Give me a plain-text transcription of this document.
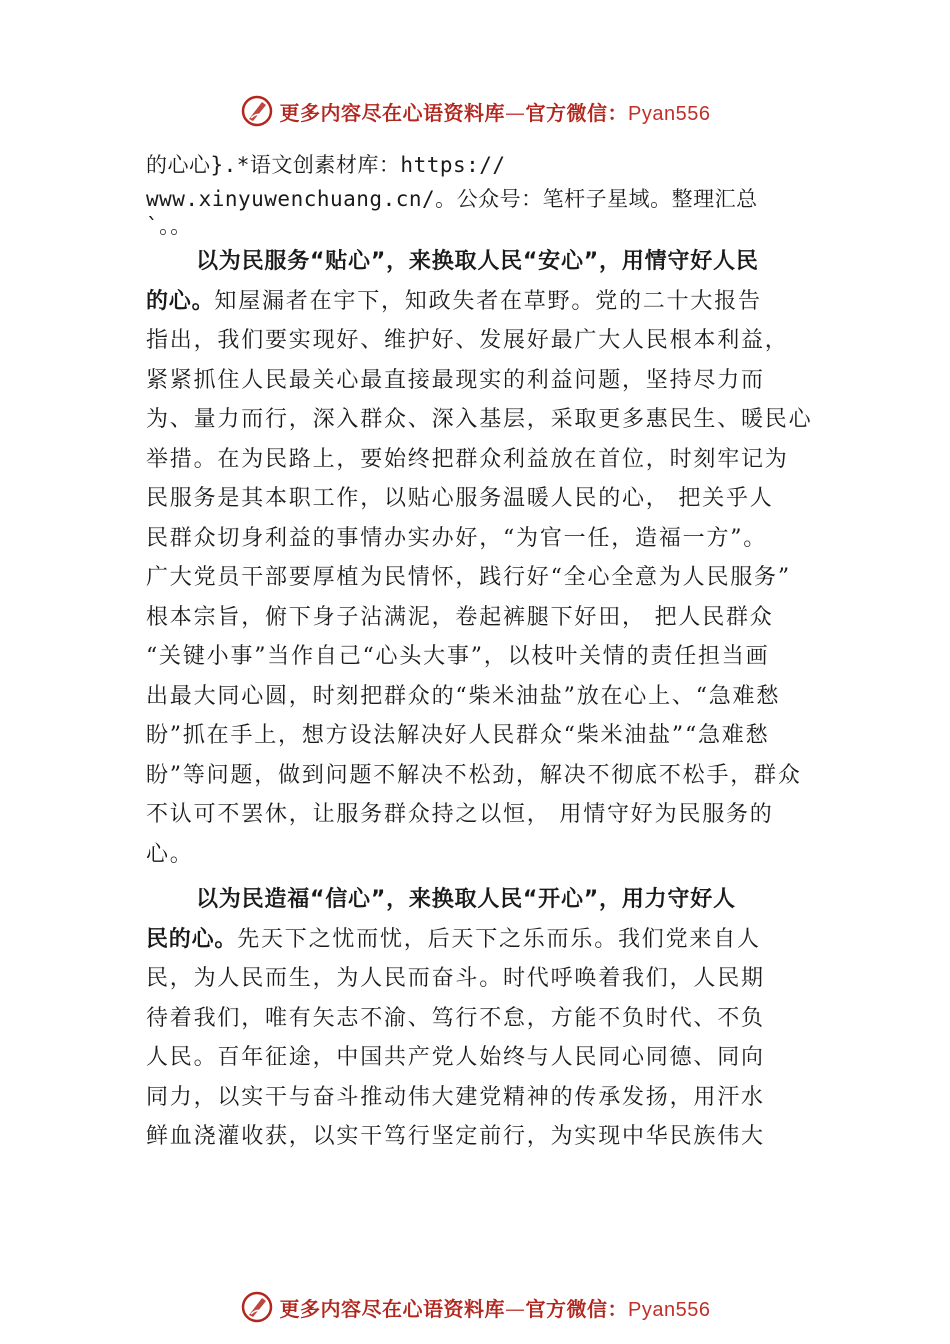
更多内容尽在心语资料库—官方微信：Pyan556
的心心}.*语文创素材库：https://
www.xinyuwenchuang.cn/。公众号：笔杆子星域。整理汇总
`。。
以为民服务“贴心”，来换取人民“安心”，用情守好人民
的心。知屋漏者在宇下，知政失者在草野。党的二十大报告
指出，我们要实现好、维护好、发展好最广大人民根本利益，
紧紧抓住人民最关心最直接最现实的利益问题，坚持尽力而
为、量力而行，深入群众、深入基层，采取更多惠民生、暖民心
举措。在为民路上，要始终把群众利益放在首位，时刻牢记为
民服务是其本职工作，以贴心服务温暖人民的心， 把关乎人
民群众切身利益的事情办实办好，“为官一任，造福一方”。
广大党员干部要厚植为民情怀，践行好“全心全意为人民服务”
根本宗旨，俯下身子沾满泥，卷起裤腿下好田， 把人民群众
“关键小事”当作自己“心头大事”，以枝叶关情的责任担当画
出最大同心圆，时刻把群众的“柴米油盐”放在心上、“急难愁
盼”抓在手上，想方设法解决好人民群众“柴米油盐”“急难愁
盼”等问题，做到问题不解决不松劲，解决不彻底不松手，群众
不认可不罢休，让服务群众持之以恒， 用情守好为民服务的
心。
以为民造福“信心”，来换取人民“开心”，用力守好人
民的心。先天下之忧而忧，后天下之乐而乐。我们党来自人
民，为人民而生，为人民而奋斗。时代呼唤着我们，人民期
待着我们，唯有矢志不渝、笃行不怠，方能不负时代、不负
人民。百年征途，中国共产党人始终与人民同心同德、同向
同力，以实干与奋斗推动伟大建党精神的传承发扬，用汗水
鲜血浇灌收获，以实干笃行坚定前行，为实现中华民族伟大
更多内容尽在心语资料库—官方微信：Pyan556
